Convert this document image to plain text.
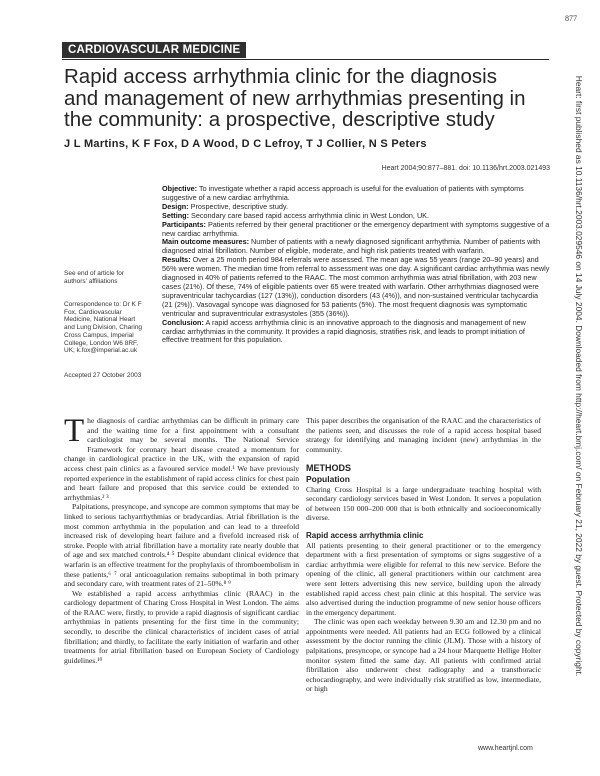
877
CARDIOVASCULAR MEDICINE
Rapid access arrhythmia clinic for the diagnosis and management of new arrhythmias presenting in the community: a prospective, descriptive study
J L Martins, K F Fox, D A Wood, D C Lefroy, T J Collier, N S Peters
Heart 2004;90:877–881. doi: 10.1136/hrt.2003.021493

Objective: To investigate whether a rapid access approach is useful for the evaluation of patients with symptoms suggestive of a new cardiac arrhythmia.

Design: Prospective, descriptive study.

Setting: Secondary care based rapid access arrhythmia clinic in West London, UK.

Participants: Patients referred by their general practitioner or the emergency department with symptoms suggestive of a new cardiac arrhythmia.

Main outcome measures: Number of patients with a newly diagnosed significant arrhythmia. Number of patients with diagnosed atrial fibrillation. Number of eligible, moderate, and high risk patients treated with warfarin.

Results: Over a 25 month period 984 referrals were assessed. The mean age was 55 years (range 20–90 years) and 56% were women. The median time from referral to assessment was one day. A significant cardiac arrhythmia was newly diagnosed in 40% of patients referred to the RAAC. The most common arrhythmia was atrial fibrillation, with 203 new cases (21%). Of these, 74% of eligible patients over 65 were treated with warfarin. Other arrhythmias diagnosed were supraventricular tachycardias (127 (13%)), conduction disorders (43 (4%)), and non-sustained ventricular tachycardia (21 (2%)). Vasovagal syncope was diagnosed for 53 patients (5%). The most frequent diagnosis was symptomatic ventricular and supraventricular extrasystoles (355 (36%)).

Conclusion: A rapid access arrhythmia clinic is an innovative approach to the diagnosis and management of new cardiac arrhythmias in the community. It provides a rapid diagnosis, stratifies risk, and leads to prompt initiation of effective treatment for this population.

See end of article for authors' affiliations
Correspondence to: Dr K F Fox, Cardiovascular Medicine, National Heart and Lung Division, Charing Cross Campus, Imperial College, London W6 8RF, UK; k.fox@imperial.ac.uk
Accepted 27 October 2003

The diagnosis of cardiac arrhythmias can be difficult in primary care and the waiting time for a first appointment with a consultant cardiologist may be several months. The National Service Framework for coronary heart disease created a momentum for change in cardiological practice in the UK, with the expansion of rapid access chest pain clinics as a favoured service model.¹ We have previously reported experience in the establishment of rapid access clinics for chest pain and heart failure and proposed that this service could be extended to arrhythmias.² ³

Palpitations, presyncope, and syncope are common symptoms that may be linked to serious tachyarrhythmias or bradycardias. Atrial fibrillation is the most common arrhythmia in the population and can lead to a threefold increased risk of developing heart failure and a fivefold increased risk of stroke. People with atrial fibrillation have a mortality rate nearly double that of age and sex matched controls.⁴ ⁵ Despite abundant clinical evidence that warfarin is an effective treatment for the prophylaxis of thromboembolism in these patients,⁶ ⁷ oral anticoagulation remains suboptimal in both primary and secondary care, with treatment rates of 21–50%.⁸ ⁹

We established a rapid access arrhythmias clinic (RAAC) in the cardiology department of Charing Cross Hospital in West London. The aims of the RAAC were, firstly, to provide a rapid diagnosis of significant cardiac arrhythmias in patients presenting for the first time in the community; secondly, to describe the clinical characteristics of incident cases of atrial fibrillation; and thirdly, to facilitate the early initiation of warfarin and other treatments for atrial fibrillation based on European Society of Cardiology guidelines.¹⁰

This paper describes the organisation of the RAAC and the characteristics of the patients seen, and discusses the role of a rapid access hospital based strategy for identifying and managing incident (new) arrhythmias in the community.

METHODS
Population

Charing Cross Hospital is a large undergraduate teaching hospital with secondary cardiology services based in West London. It serves a population of between 150 000–200 000 that is both ethnically and socioeconomically diverse.

Rapid access arrhythmia clinic

All patients presenting to their general practitioner or to the emergency department with a first presentation of symptoms or signs suggestive of a cardiac arrhythmia were eligible for referral to this new service. Before the opening of the clinic, all general practitioners within our catchment area were sent letters advertising this new service, building upon the already established rapid access chest pain clinic at this hospital. The service was also advertised during the induction programme of new senior house officers in the emergency department.

The clinic was open each weekday between 9.30 am and 12.30 pm and no appointments were needed. All patients had an ECG followed by a clinical assessment by the doctor running the clinic (JLM). Those with a history of palpitations, presyncope, or syncope had a 24 hour Marquette Hellige Holter monitor system fitted the same day. All patients with confirmed atrial fibrillation also underwent chest radiography and a transthoracic echocardiography, and were individually risk stratified as low, intermediate, or high

Heart: first published as 10.1136/hrt.2003.029546 on 14 July 2004. Downloaded from http://heart.bmj.com/ on February 21, 2022 by guest. Protected by copyright.
www.heartjnl.com
